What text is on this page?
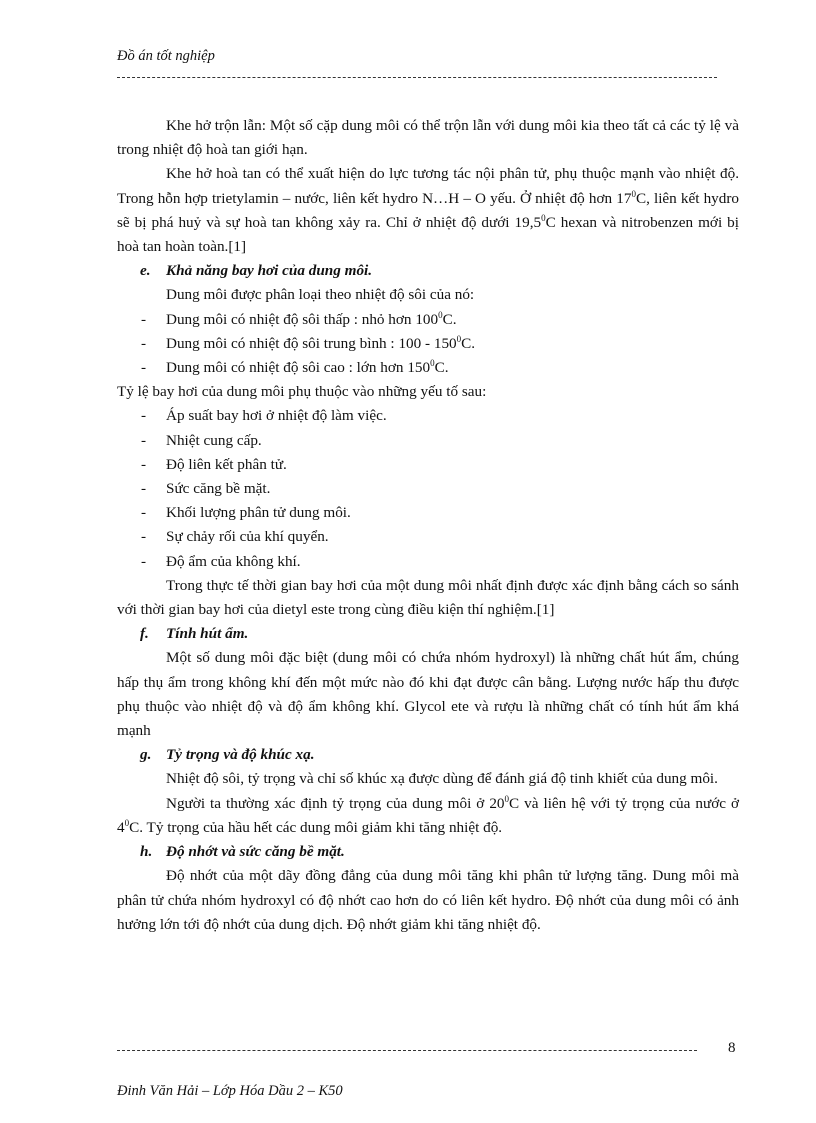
Đồ án tốt nghiệp

Khe hở trộn lẫn: Một số cặp dung môi có thể trộn lẫn với dung môi kia theo tất cả các tỷ lệ và trong nhiệt độ hoà tan giới hạn.

Khe hở hoà tan có thể xuất hiện do lực tương tác nội phân tử, phụ thuộc mạnh vào nhiệt độ. Trong hỗn hợp trietylamin – nước, liên kết hydro N…H – O yếu. Ở nhiệt độ hơn $17^0C$, liên kết hydro sẽ bị phá huỷ và sự hoà tan không xảy ra. Chỉ ở nhiệt độ dưới 19,5$^0$C hexan và nitrobenzen mới bị hoà tan hoàn toàn.[1]

e.	Khả năng bay hơi của dung môi.

Dung môi được phân loại theo nhiệt độ sôi của nó:

-	Dung môi có nhiệt độ sôi thấp : nhỏ hơn $100^0C$.
-	Dung môi có nhiệt độ sôi trung bình : $100 - 150^0C$.
-	Dung môi có nhiệt độ sôi cao : lớn hơn $150^0C$.

Tỷ lệ bay hơi của dung môi phụ thuộc vào những yếu tố sau:

-	Áp suất bay hơi ở nhiệt độ làm việc.
-	Nhiệt cung cấp.
-	Độ liên kết phân tử.
-	Sức căng bề mặt.
-	Khối lượng phân tử dung môi.
-	Sự chảy rối của khí quyển.
-	Độ ẩm của không khí.

Trong thực tế thời gian bay hơi của một dung môi nhất định được xác định bằng cách so sánh với thời gian bay hơi của dietyl este trong cùng điều kiện thí nghiệm.[1]

f.	Tính hút ẩm.

Một số dung môi đặc biệt (dung môi có chứa nhóm hydroxyl) là những chất hút ẩm, chúng hấp thụ ẩm trong không khí đến một mức nào đó khi đạt được cân bằng. Lượng nước hấp thu được phụ thuộc vào nhiệt độ và độ ẩm không khí. Glycol ete và rượu là những chất có tính hút ẩm khá mạnh

g. Tỷ trọng và độ khúc xạ.

Nhiệt độ sôi, tỷ trọng và chỉ số khúc xạ được dùng để đánh giá độ tinh khiết của dung môi.

Người ta thường xác định tỷ trọng của dung môi ở $20^0C$ và liên hệ với tỷ trọng của nước ở $4^0C$. Tỷ trọng của hầu hết các dung môi giảm khi tăng nhiệt độ.

h. Độ nhớt và sức căng bề mặt.

Độ nhớt của một dãy đồng đẳng của dung môi tăng khi phân tử lượng tăng. Dung môi mà phân tử chứa nhóm hydroxyl có độ nhớt cao hơn do có liên kết hydro. Độ nhớt của dung môi có ảnh hưởng lớn tới độ nhớt của dung dịch. Độ nhớt giảm khi tăng nhiệt độ.

8
Đinh Văn Hải – Lớp Hóa Dầu 2 – K50
